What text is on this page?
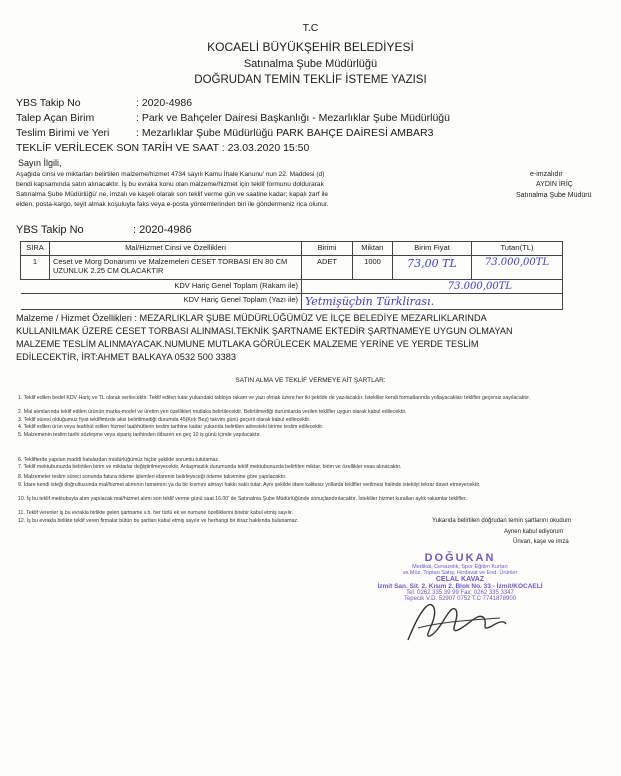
T.C
KOCAELİ BÜYÜKŞEHİR BELEDİYESİ
Satınalma Şube Müdürlüğü
DOĞRUDAN TEMİN TEKLİF İSTEME YAZISI
YBS Takip No	: 2020-4986
Talep Açan Birim	: Park ve Bahçeler Dairesi Başkanlığı - Mezarlıklar Şube Müdürlüğü
Teslim Birimi ve Yeri	: Mezarlıklar Şube Müdürlüğü PARK BAHÇE DAİRESİ AMBAR3
TEKLİF VERİLECEK SON TARİH VE SAAT : 23.03.2020 15:50
Sayın İlgili,
Aşağıda cinsi ve miktarları belirtilen malzeme/hizmet 4734 sayılı Kamu İhale Kanunu' nun 22. Maddesi (d)
bendi kapsamında satın alınacaktır. İş bu evraka konu olan malzeme/hizmet için teklif formunu doldurarak
Satınalma Şube Müdürlüğü' ne, imzalı ve kaşeli olarak son teklif verme gün ve saatine kadar; kapalı zarf ile
elden, posta-kargo, teyit almak koşuluyla faks veya e-posta yöntemlerinden biri ile göndermeniz rica olunur.
e-imzalıdır
AYDIN İRİÇ
Satınalma Şube Müdürü
YBS Takip No	: 2020-4986
SIRA	Mal/Hizmet Cinsi ve Özellikleri	Birimi	Miktarı	Birim Fiyat	Tutarı(TL)
1	Ceset ve Morg Donanımı ve Malzemeleri CESET TORBASI EN 80 CM UZUNLUK 2.25 CM OLACAKTIR	ADET	1000	73,00 TL	73.000,00TL
KDV Hariç Genel Toplam (Rakam ile)		73.000,00TL			
KDV Hariç Genel Toplam (Yazı ile)		Yetmişüçbin Türklirası.			
Malzeme / Hizmet Özellikleri : MEZARLIKLAR ŞUBE MÜDÜRLÜĞÜMÜZ VE İLÇE BELEDİYE MEZARLIKLARINDA
KULLANILMAK ÜZERE CESET TORBASI ALINMASI.TEKNİK ŞARTNAME EKTEDİR ŞARTNAMEYE UYGUN OLMAYAN
MALZEME TESLİM ALINMAYACAK.NUMUNE MUTLAKA GÖRÜLECEK MALZEME YERİNE VE YERDE TESLİM
EDİLECEKTİR, İRT:AHMET BALKAYA 0532 500 3383
SATIN ALMA VE TEKLİF VERMEYE AİT ŞARTLAR:
1. Teklif edilen bedel KDV Hariç ve TL olarak verilecektir. Teklif edilen tutar yukarıdaki tabloya rakam ve yazı olmak üzere her iki şekilde de yazılacaktır. İstekliler kendi formatlarında yollayacakları teklifler geçersiz sayılacaktır.
2. Mal alımlarında teklif edilen ürünün marka-model ve üretim yeri özellikleri mutlaka belirtilecektir. Belirtilmediği durumlarda verilen teklifler uygun olarak kabul edilecektir.
3. Teklif süresi olduğumuz fiyat teklifimizde aksi belirtilmediği durumda 45(Kırk Beş) takvim günü geçerli olarak kabul edilecektir.
4. Teklif edilen ürün veya teahhüt edilen hizmet taahhütlerin teslim tarihine kadar yukarıda belirtilen adresteki birime teslim edilecektir.
5. Malzemenin teslim tarihi sözleşme veya sipariş tarihinden itibaren en geç 10 iş günü içinde yapılacaktır.
6. Teklifterde yapılan maddi hatalardan müdürlüğümüz hiçbir şekilde sorumlu tutulamaz.
7. Teklif mektubunuzda belirtilen birim ve miktarlar değiştirilmeyecektir. Anlaşmazlık durumunda teklif mektubunuzda belirtilen miktar, birim ve özellikler esas alınacaktır.
8. Malzemeler teslim süreci sonunda fatura ödeme işlemleri idarenin belirleyeceği ödeme takvimine göre yapılacaktır.
9. İdare kendi isteği doğrultusunda mal/hizmet alımının tamamını ya da bir kısmını almayı hakkı saklı tutar. Aynı şekilde idare kalitesiz yollarda teklifler verilmesi halinde istekliyi tekrar davet etmeyecektir.
10. İş bu teklif mektubuyla alım yapılacak mal/hizmet alımı son teklif verme günü saat 16.00' de Satınalma Şube Müdürlüğünde sonuçlandırılacaktır. İstekliler hizmet kuralları aylık rakamlar teklifler.
11. Teklif verenler iş bu evrakla birlikte gelen şartname v.b. her türlü ek ve numune özelliklerini birebir kabul etmiş sayılır.
12. İş bu evrakla birlikte teklif veren firmalar bütün bu şartları kabul etmiş sayılır ve herhangi bir itiraz hakkında bulunamaz.	Yukarıda belirtilen doğrudan temin şartlarını okudum
Aynen kabul ediyorum
Ünvan, kaşe ve imza
DOĞUKAN
Medikal, Cenazelik, Spor Eğitim Kurtarı
ve Müz. Toptan Satış, Hırdavat ve End. Ürünler
CELAL KAVAZ
İzmit San. Sit. 2. Kısım 2. Blok No. 33 - İzmit/KOCAELİ
Tel. 0262 335 39 99 Fax: 0262 335 3347
Tepecik V.D. 52907 0752 T.C 7741878900
